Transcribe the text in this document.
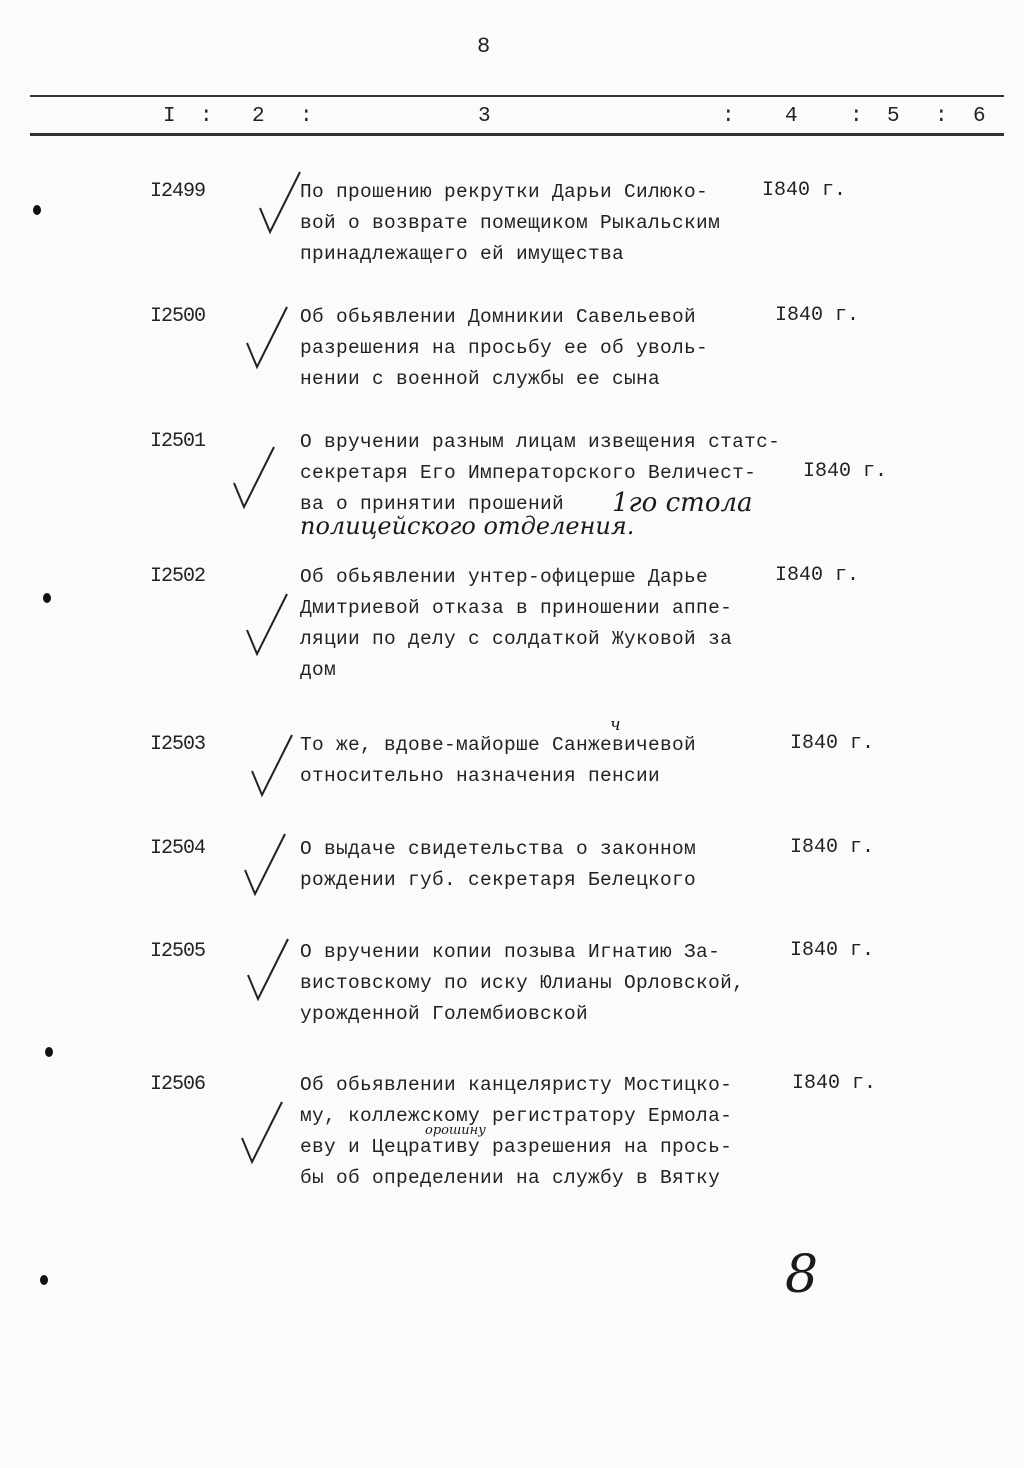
8
I : 2 :	3	: 4 : 5 : 6
I2499	По прошению рекрутки Дарьи Силюко-
вой о возврате помещиком Рыкальским
принадлежащего ей имущества
I840 г.
I2500	Об обьявлении Домникии Савельевой
разрешения на просьбу ее об уволь-
нении с военной службы ее сына
I840 г.
I2501	О вручении разным лицам извещения статс-
секретаря Его Императорского Величест-
ва о принятии прошений
I840 г.
I2502	Об обьявлении унтер-офицерше Дарье
Дмитриевой отказа в приношении аппе-
ляции по делу с солдаткой Жуковой за
дом
I840 г.
I2503	То же, вдове-майорше Санжевичевой
относительно назначения пенсии
I840 г.
I2504	О выдаче свидетельства о законном
рождении губ. секретаря Белецкого
I840 г.
I2505	О вручении копии позыва Игнатию За-
вистовскому по иску Юлианы Орловской,
урожденной Голембиовской
I840 г.
I2506	Об обьявлении канцеляристу Мостицко-
му, коллежскому регистратору Ермола-
еву и Цецративу разрешения на прось-
бы об определении на службу в Вятку
I840 г.
1го стола
полицейского отделения.
ч
орошину
8
